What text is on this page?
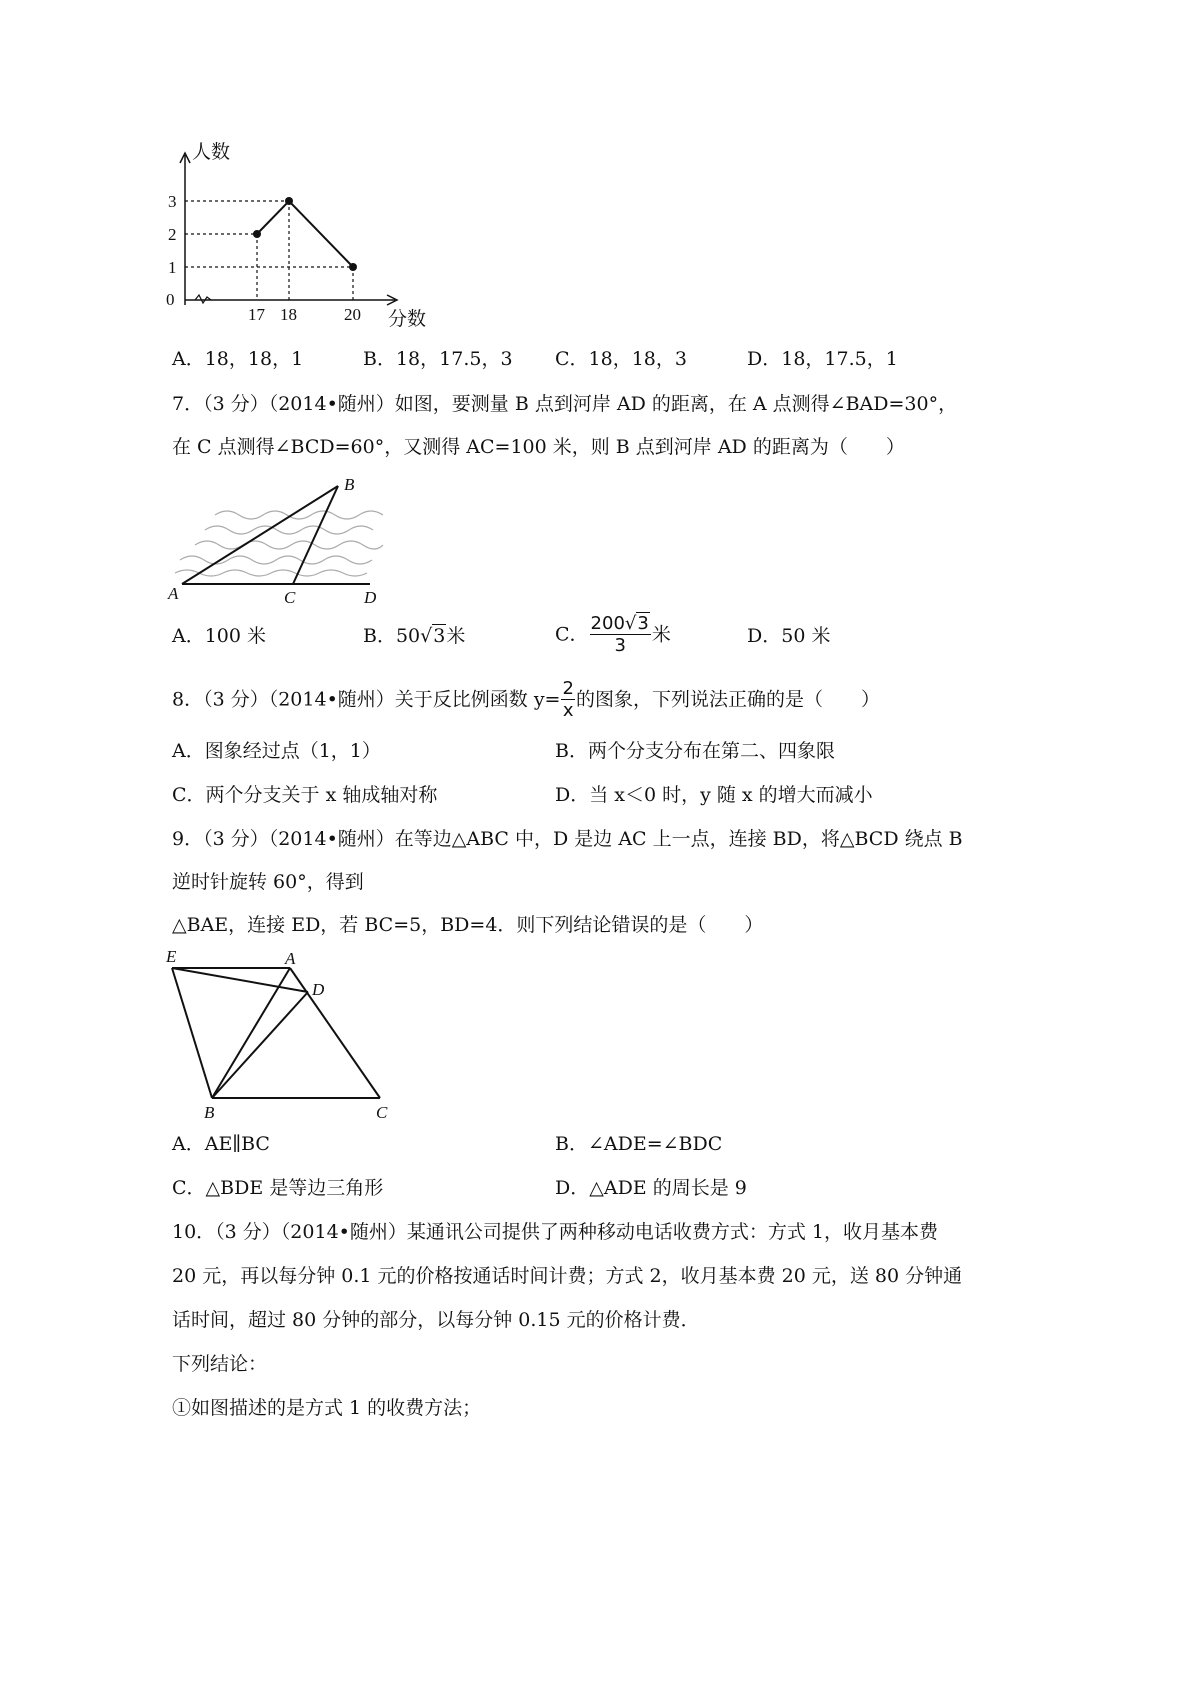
人数
分数
0
1
2
3
17 18	20
A．18，18，1	B．18，17.5，3 C．18，18，3	D．18，17.5，1
7．（3 分）（2014•随州）如图，要测量 B 点到河岸 AD 的距离，在 A 点测得∠BAD=30°，
在 C 点测得∠BCD=60°，又测得 AC=100 米，则 B 点到河岸 AD 的距离为（　　）
A
B
C	D
A．100 米	B．50√3米	C． $\frac{200√3}{3}$ 米	D．50 米
8．（3 分）（2014•随州）关于反比例函数 $y= \frac{2}{x}$ 的图象，下列说法正确的是（　　）
A．图象经过点（1，1）	B．两个分支分布在第二、四象限
C．两个分支关于 x 轴成轴对称	D．当 x＜0 时，y 随 x 的增大而减小
9．（3 分）（2014•随州）在等边△ABC 中，D 是边 AC 上一点，连接 BD，将△BCD 绕点 B
逆时针旋转 60°，得到
△BAE，连接 ED，若 BC=5，BD=4．则下列结论错误的是（　　）
E	A
D
B	C
A．AE∥BC	B．∠ADE=∠BDC
C．△BDE 是等边三角形	D．△ADE 的周长是 9
10．（3 分）（2014•随州）某通讯公司提供了两种移动电话收费方式：方式 1，收月基本费
20 元，再以每分钟 0.1 元的价格按通话时间计费；方式 2，收月基本费 20 元，送 80 分钟通
话时间，超过 80 分钟的部分，以每分钟 0.15 元的价格计费．
下列结论：
①如图描述的是方式 1 的收费方法；
